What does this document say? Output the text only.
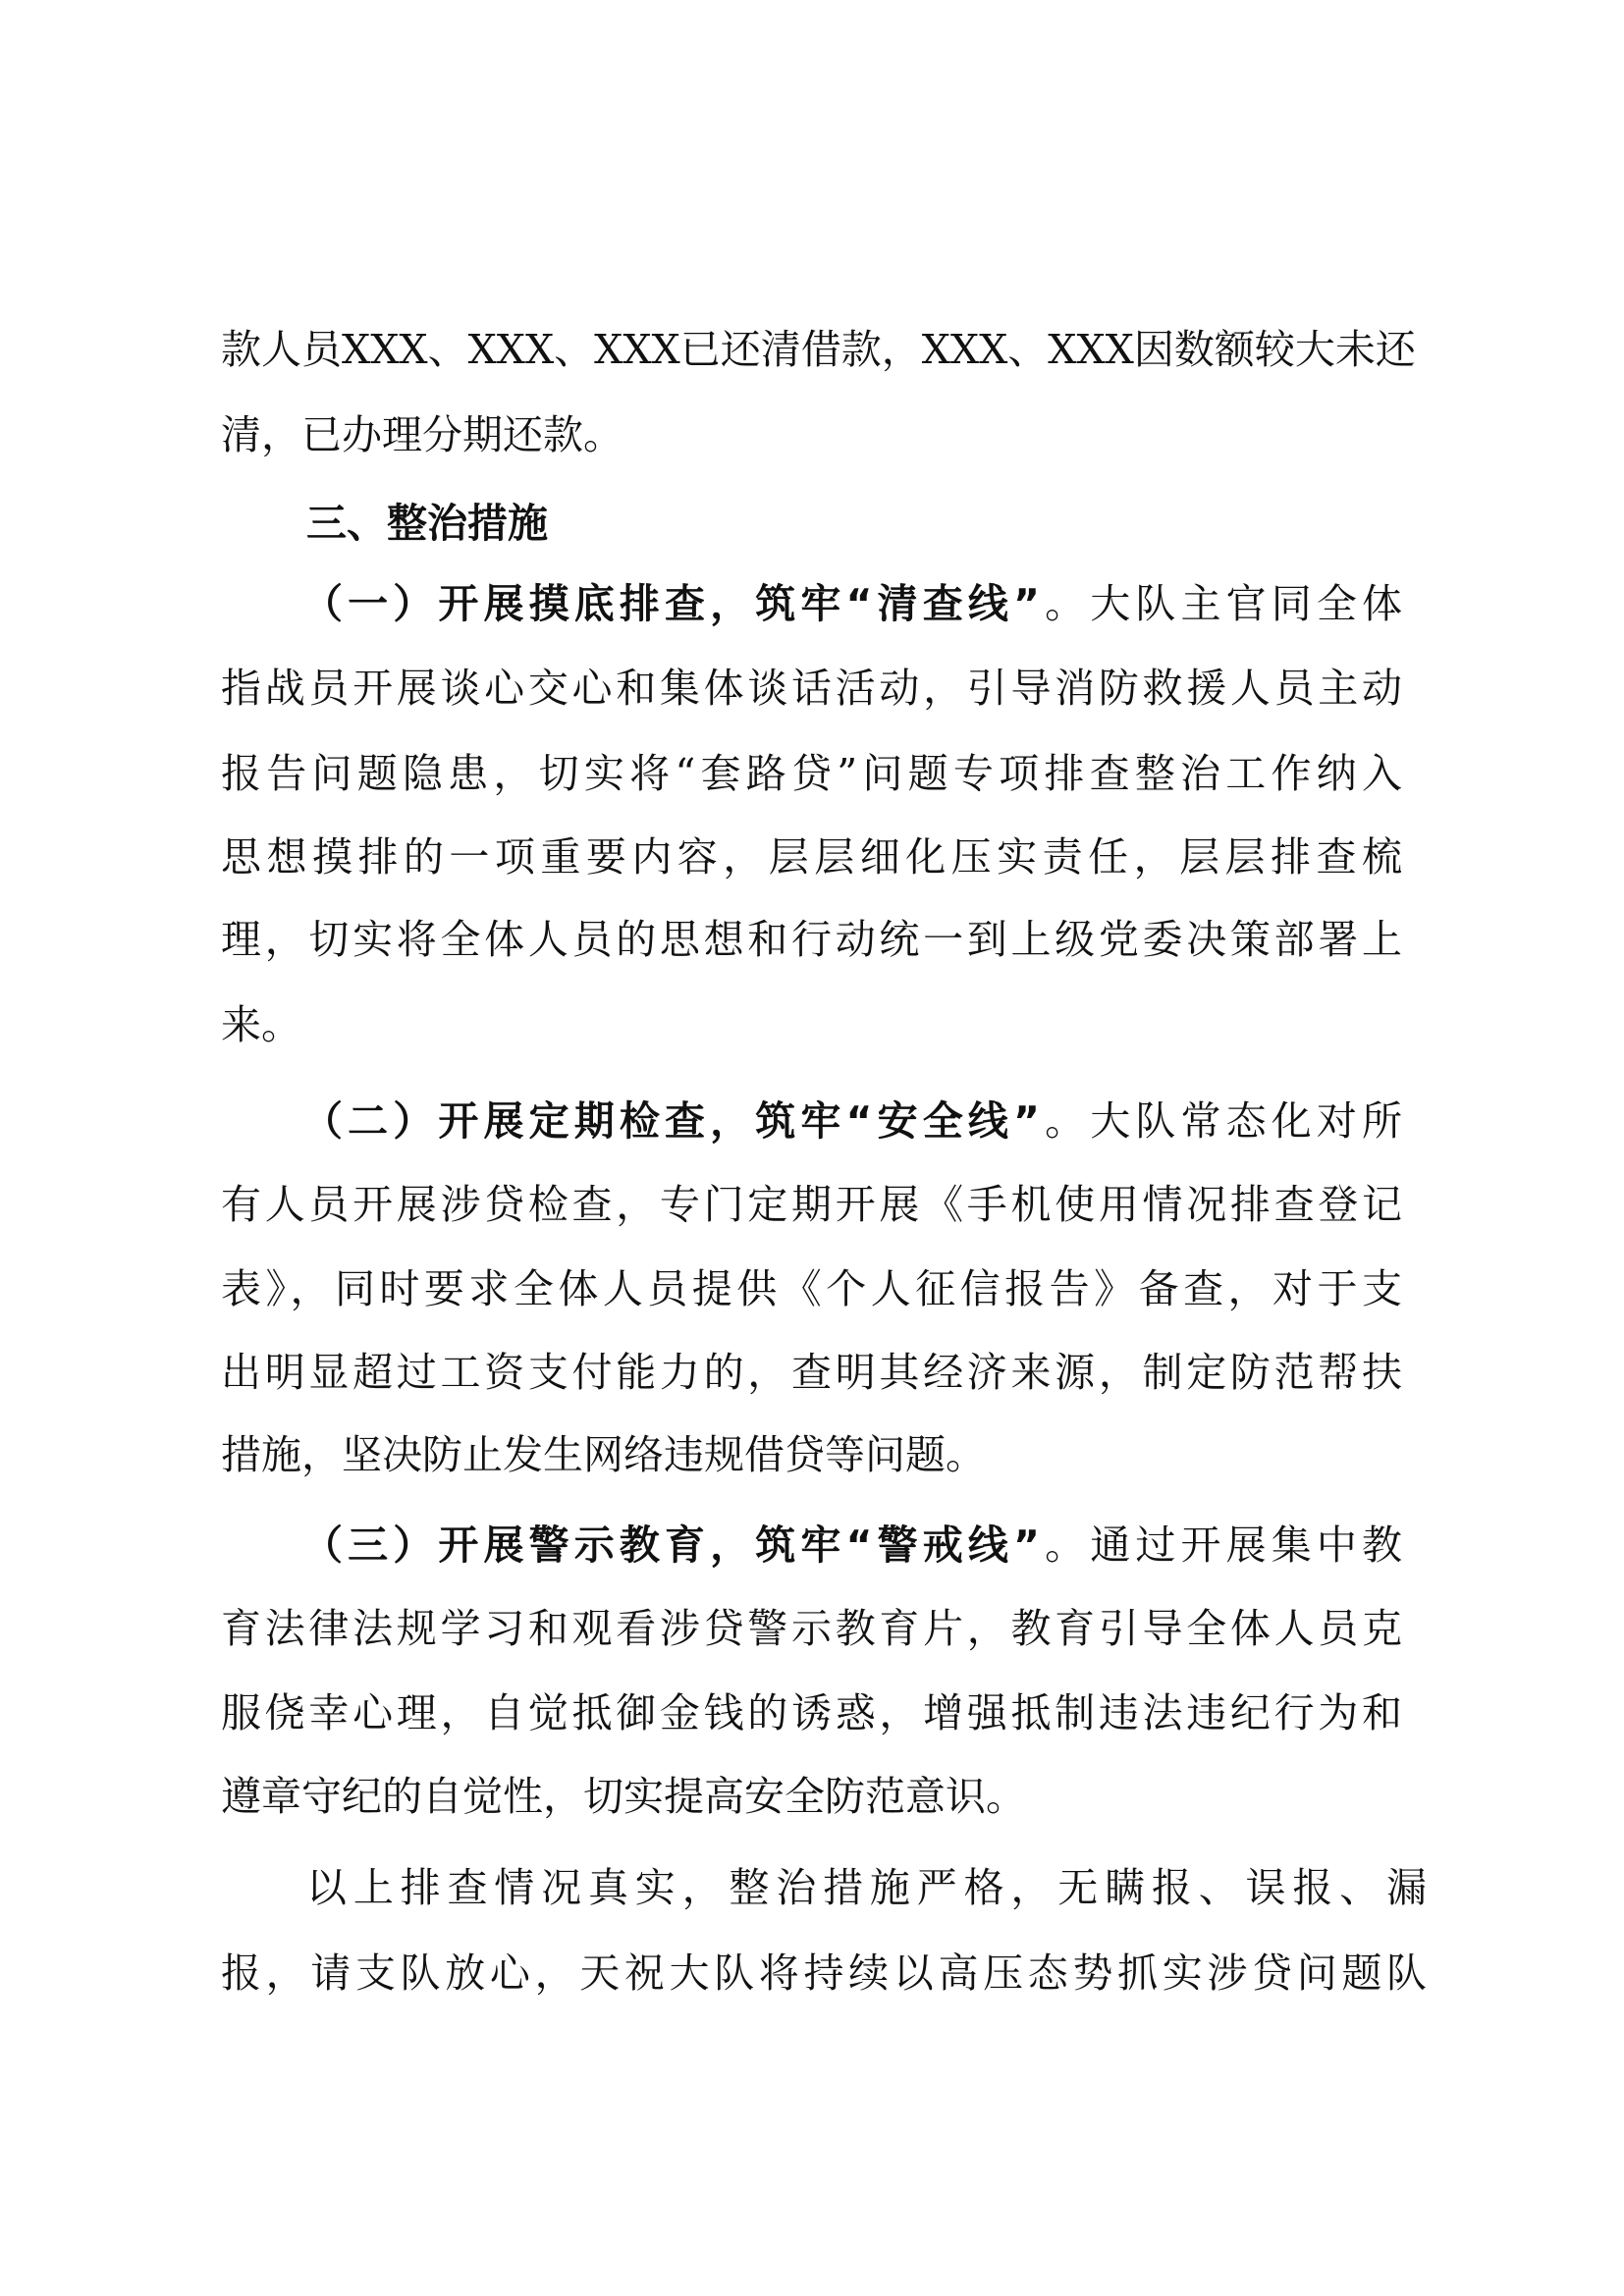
款人员XXX、XXX、XXX已还清借款，XXX、XXX因数额较大未还
清，已办理分期还款。
三、整治措施
（一）开展摸底排查，筑牢“清查线”。大队主官同全体
指战员开展谈心交心和集体谈话活动，引导消防救援人员主动
报告问题隐患，切实将“套路贷”问题专项排查整治工作纳入
思想摸排的一项重要内容，层层细化压实责任，层层排查梳
理，切实将全体人员的思想和行动统一到上级党委决策部署上
来。
（二）开展定期检查，筑牢“安全线”。大队常态化对所
有人员开展涉贷检查，专门定期开展《手机使用情况排查登记
表》，同时要求全体人员提供《个人征信报告》备查，对于支
出明显超过工资支付能力的，查明其经济来源，制定防范帮扶
措施，坚决防止发生网络违规借贷等问题。
（三）开展警示教育，筑牢“警戒线”。通过开展集中教
育法律法规学习和观看涉贷警示教育片，教育引导全体人员克
服侥幸心理，自觉抵御金钱的诱惑，增强抵制违法违纪行为和
遵章守纪的自觉性，切实提高安全防范意识。
以上排查情况真实，整治措施严格，无瞒报、误报、漏
报，请支队放心，天祝大队将持续以高压态势抓实涉贷问题队
